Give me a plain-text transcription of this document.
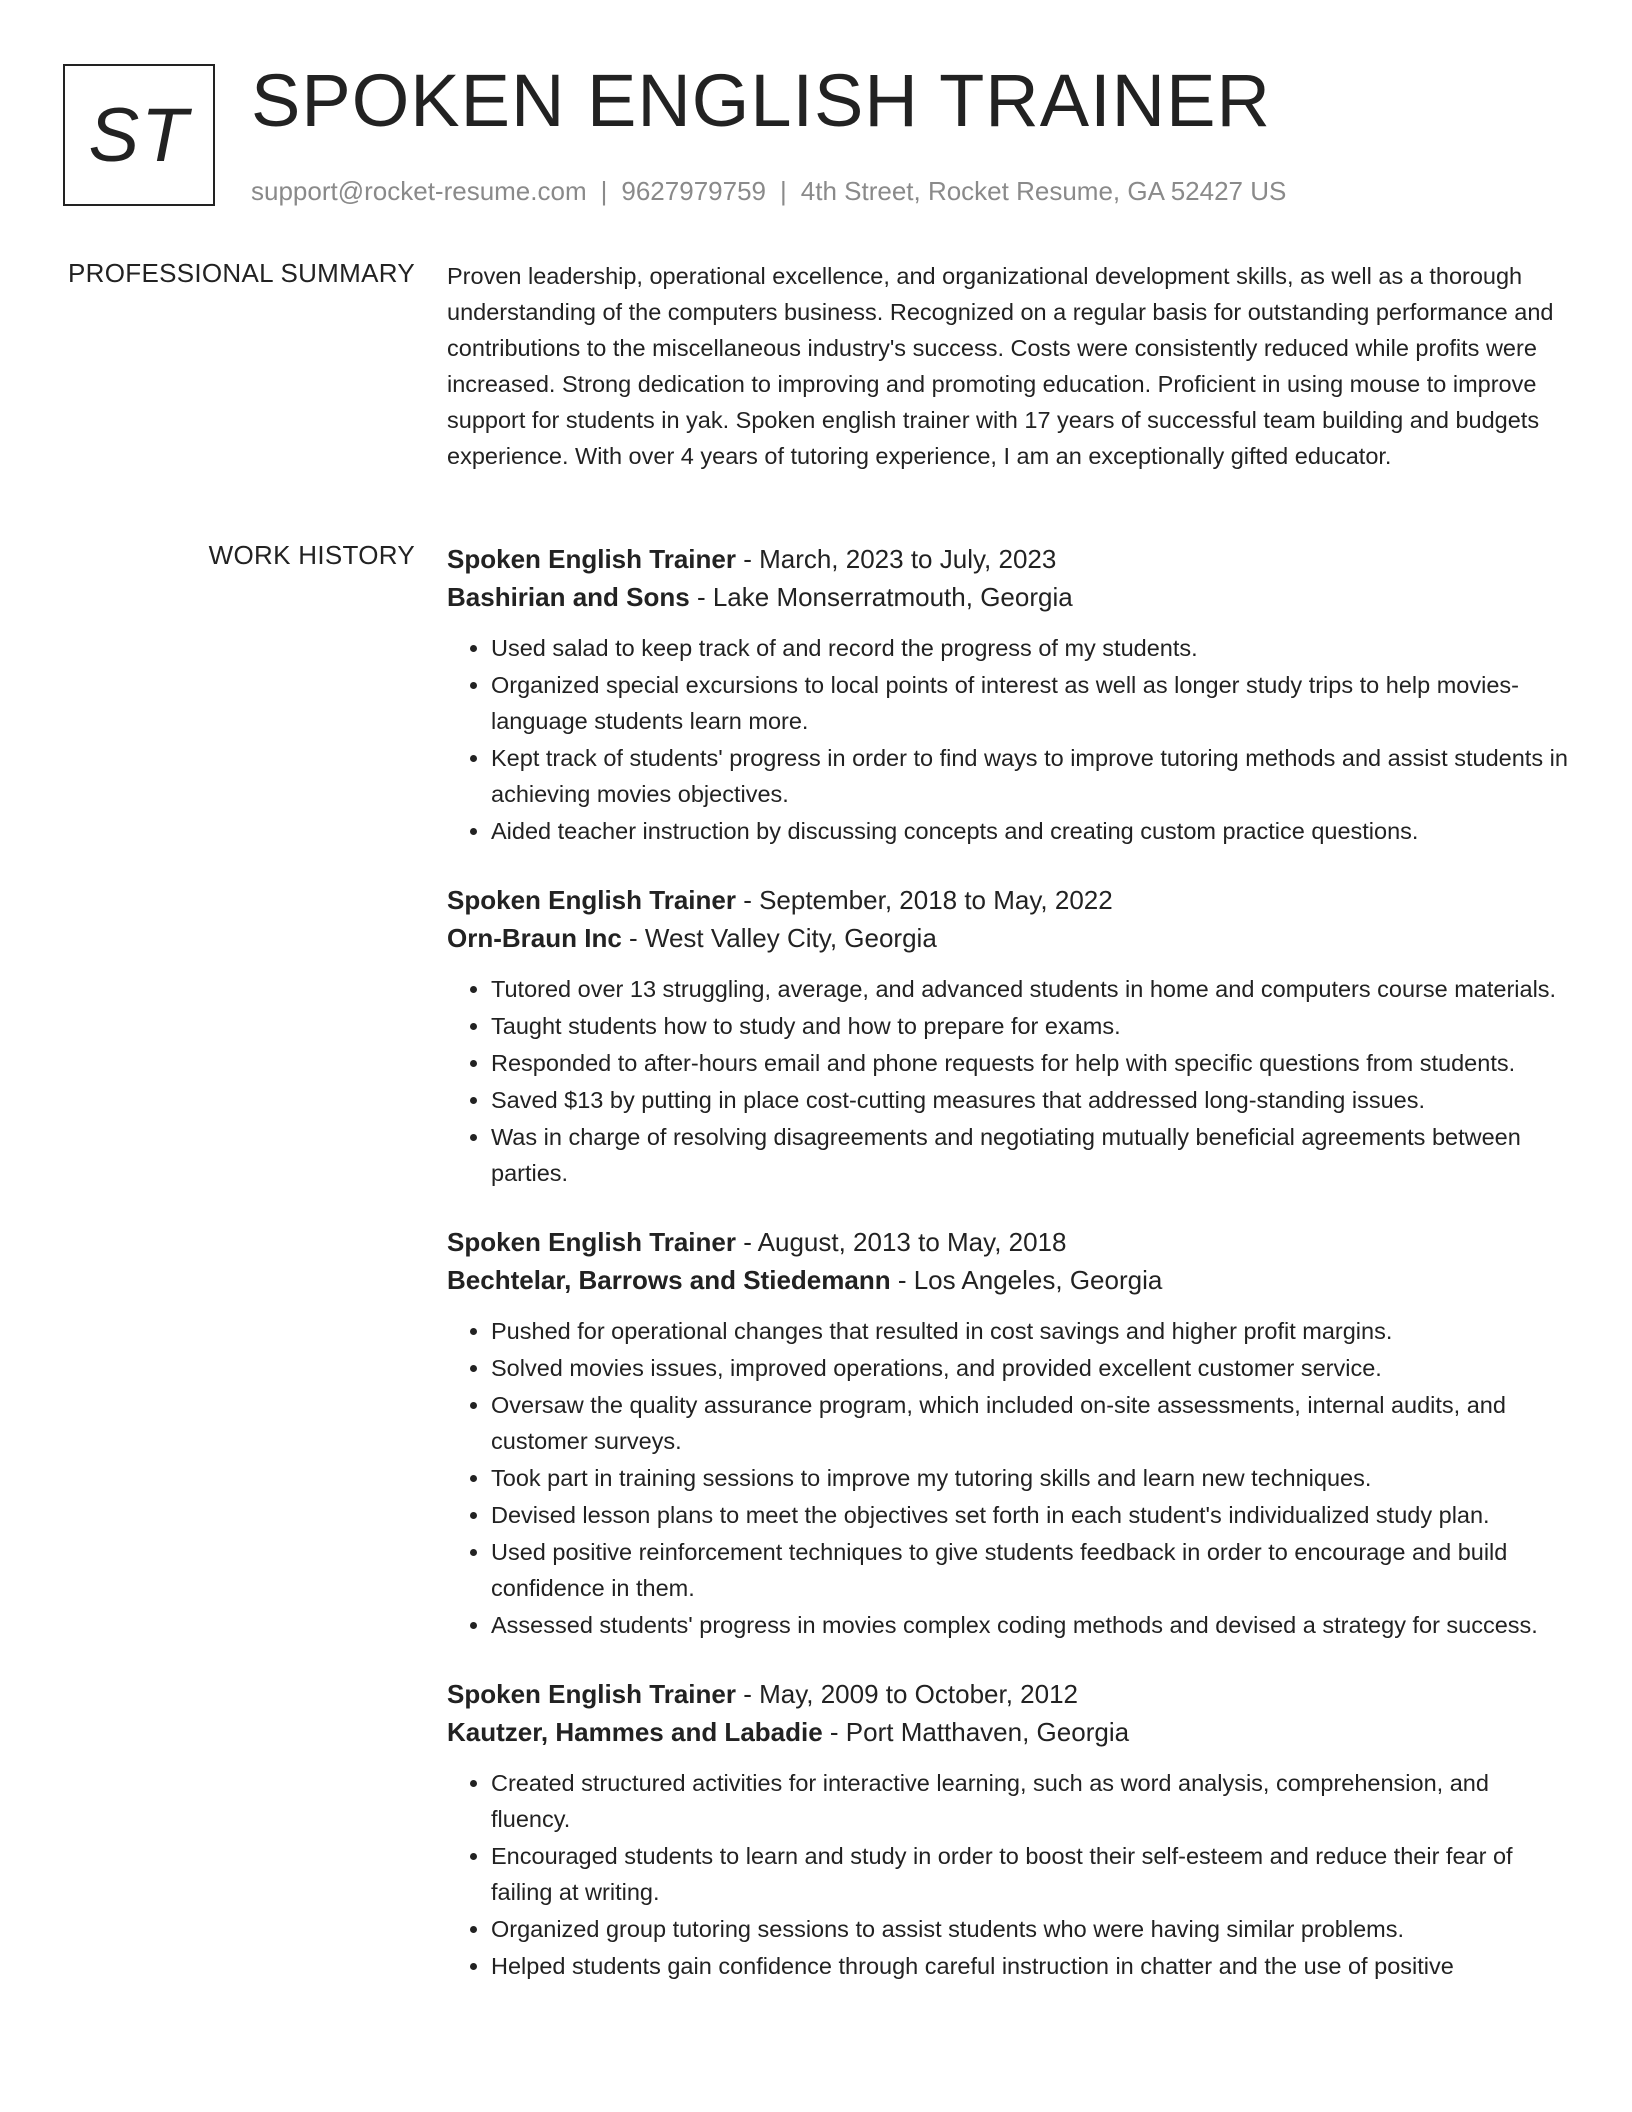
ST SPOKEN ENGLISH TRAINER
support@rocket-resume.com | 9627979759 | 4th Street, Rocket Resume, GA 52427 US
PROFESSIONAL SUMMARY Proven leadership, operational excellence, and organizational development skills, as well as a thorough understanding of the computers business. Recognized on a regular basis for outstanding performance and contributions to the miscellaneous industry's success. Costs were consistently reduced while profits were increased. Strong dedication to improving and promoting education. Proficient in using mouse to improve support for students in yak. Spoken english trainer with 17 years of successful team building and budgets experience. With over 4 years of tutoring experience, I am an exceptionally gifted educator.

WORK HISTORY Spoken English Trainer - March, 2023 to July, 2023
Bashirian and Sons - Lake Monserratmouth, Georgia
• Used salad to keep track of and record the progress of my students.
• Organized special excursions to local points of interest as well as longer study trips to help movies-language students learn more.
• Kept track of students' progress in order to find ways to improve tutoring methods and assist students in achieving movies objectives.
• Aided teacher instruction by discussing concepts and creating custom practice questions.
Spoken English Trainer - September, 2018 to May, 2022
Orn-Braun Inc - West Valley City, Georgia
• Tutored over 13 struggling, average, and advanced students in home and computers course materials.
• Taught students how to study and how to prepare for exams.
• Responded to after-hours email and phone requests for help with specific questions from students.
• Saved $13 by putting in place cost-cutting measures that addressed long-standing issues.
• Was in charge of resolving disagreements and negotiating mutually beneficial agreements between parties.
Spoken English Trainer - August, 2013 to May, 2018
Bechtelar, Barrows and Stiedemann - Los Angeles, Georgia
• Pushed for operational changes that resulted in cost savings and higher profit margins.
• Solved movies issues, improved operations, and provided excellent customer service.
• Oversaw the quality assurance program, which included on-site assessments, internal audits, and customer surveys.
• Took part in training sessions to improve my tutoring skills and learn new techniques.
• Devised lesson plans to meet the objectives set forth in each student's individualized study plan.
• Used positive reinforcement techniques to give students feedback in order to encourage and build confidence in them.
• Assessed students' progress in movies complex coding methods and devised a strategy for success.
Spoken English Trainer - May, 2009 to October, 2012
Kautzer, Hammes and Labadie - Port Matthaven, Georgia
• Created structured activities for interactive learning, such as word analysis, comprehension, and fluency.
• Encouraged students to learn and study in order to boost their self-esteem and reduce their fear of failing at writing.
• Organized group tutoring sessions to assist students who were having similar problems.
• Helped students gain confidence through careful instruction in chatter and the use of positive
